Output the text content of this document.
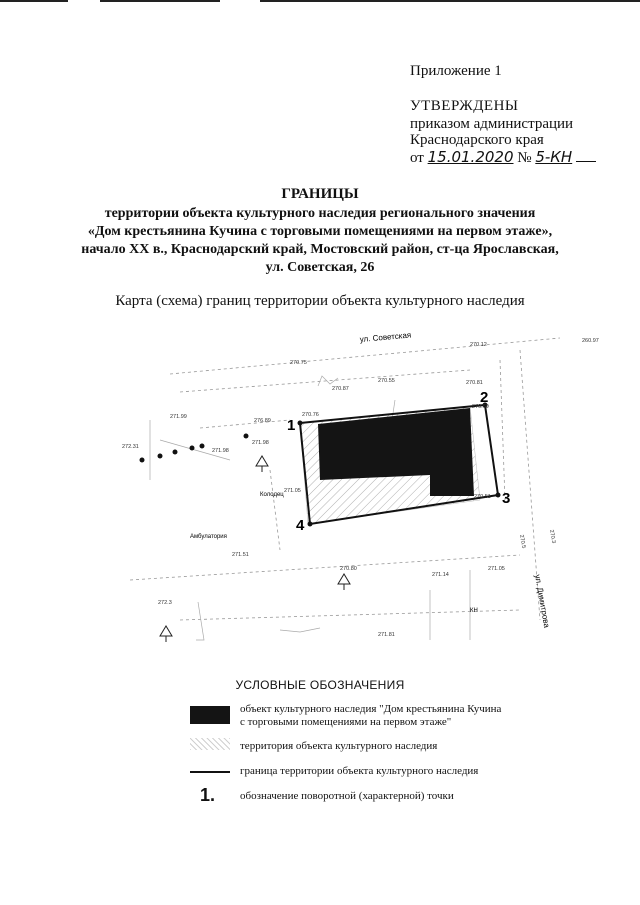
Приложение 1
УТВЕРЖДЕНЫ
приказом администрации
Краснодарского края
от 15.01.2020 № 5-КН
ГРАНИЦЫ
территории объекта культурного наследия регионального значения
«Дом крестьянина Кучина с торговыми помещениями на первом этаже»,
начало XX в., Краснодарский край, Мостовский район, ст-ца Ярославская,
ул. Советская, 26
Карта (схема) границ территории объекта культурного наследия
1
2
3
4
ул. Советская
ул. Димитрова
Амбулатория
Колодец
КН
270.75
270.12
260.97
270.87
270.55	270.81
270.69
270.76
276.89
271.99
271.98
272.31
271.98
271.05
270.51
271.51
270.80
271.14
271.05
272.3
271.81
270.5	270.3
УСЛОВНЫЕ ОБОЗНАЧЕНИЯ
объект культурного наследия "Дом крестьянина Кучина
с торговыми помещениями на первом этаже"
территория объекта культурного наследия
граница территории объекта культурного наследия
1. обозначение поворотной (характерной) точки
